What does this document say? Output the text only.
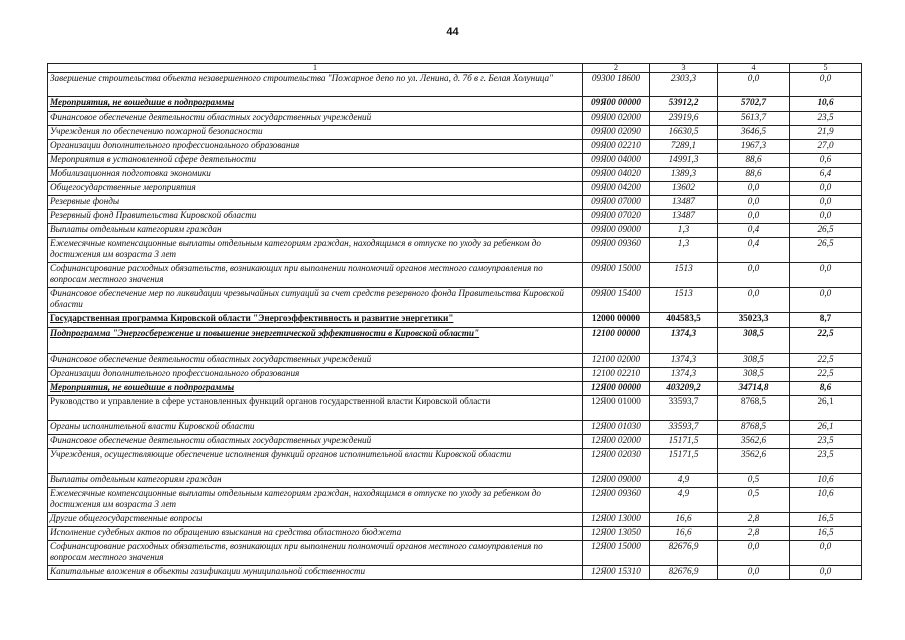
44
1	2	3	4	5
Завершение строительства объекта незавершенного строительства "Пожарное депо по ул. Ленина, д. 7б в г. Белая Холуница"	09300 18600	2303,3	0,0	0,0
Мероприятия, не вошедшие в подпрограммы	09Я00 00000	53912,2	5702,7	10,6
Финансовое обеспечение деятельности областных государственных учреждений	09Я00 02000	23919,6	5613,7	23,5
Учреждения по обеспечению пожарной безопасности	09Я00 02090	16630,5	3646,5	21,9
Организации дополнительного профессионального образования	09Я00 02210	7289,1	1967,3	27,0
Мероприятия в установленной сфере деятельности	09Я00 04000	14991,3	88,6	0,6
Мобилизационная подготовка экономики	09Я00 04020	1389,3	88,6	6,4
Общегосударственные мероприятия	09Я00 04200	13602	0,0	0,0
Резервные фонды	09Я00 07000	13487	0,0	0,0
Резервный фонд Правительства Кировской области	09Я00 07020	13487	0,0	0,0
Выплаты отдельным категориям граждан	09Я00 09000	1,3	0,4	26,5
Ежемесячные компенсационные выплаты отдельным категориям граждан, находящимся в отпуске по уходу за ребенком до достижения им возраста 3 лет	09Я00 09360	1,3	0,4	26,5
Софинансирование расходных обязательств, возникающих при выполнении полномочий органов местного самоуправления по вопросам местного значения	09Я00 15000	1513	0,0	0,0
Финансовое обеспечение мер по ликвидации чрезвычайных ситуаций за счет средств резервного фонда Правительства Кировской области	09Я00 15400	1513	0,0	0,0
Государственная программа Кировской области "Энергоэффективность и развитие энергетики"	12000 00000	404583,5	35023,3	8,7
Подпрограмма "Энергосбережение и повышение энергетической эффективности в Кировской области"	12100 00000	1374,3	308,5	22,5
Финансовое обеспечение деятельности областных государственных учреждений	12100 02000	1374,3	308,5	22,5
Организации дополнительного профессионального образования	12100 02210	1374,3	308,5	22,5
Мероприятия, не вошедшие в подпрограммы	12Я00 00000	403209,2	34714,8	8,6
Руководство и управление в сфере установленных функций органов государственной власти Кировской области	12Я00 01000	33593,7	8768,5	26,1
Органы исполнительной власти Кировской области	12Я00 01030	33593,7	8768,5	26,1
Финансовое обеспечение деятельности областных государственных учреждений	12Я00 02000	15171,5	3562,6	23,5
Учреждения, осуществляющие обеспечение исполнения функций органов исполнительной власти Кировской области	12Я00 02030	15171,5	3562,6	23,5
Выплаты отдельным категориям граждан	12Я00 09000	4,9	0,5	10,6
Ежемесячные компенсационные выплаты отдельным категориям граждан, находящимся в отпуске по уходу за ребенком до достижения им возраста 3 лет	12Я00 09360	4,9	0,5	10,6
Другие общегосударственные вопросы	12Я00 13000	16,6	2,8	16,5
Исполнение судебных актов по обращению взыскания на средства областного бюджета	12Я00 13050	16,6	2,8	16,5
Софинансирование расходных обязательств, возникающих при выполнении полномочий органов местного самоуправления по вопросам местного значения	12Я00 15000	82676,9	0,0	0,0
Капитальные вложения в объекты газификации муниципальной собственности	12Я00 15310	82676,9	0,0	0,0
